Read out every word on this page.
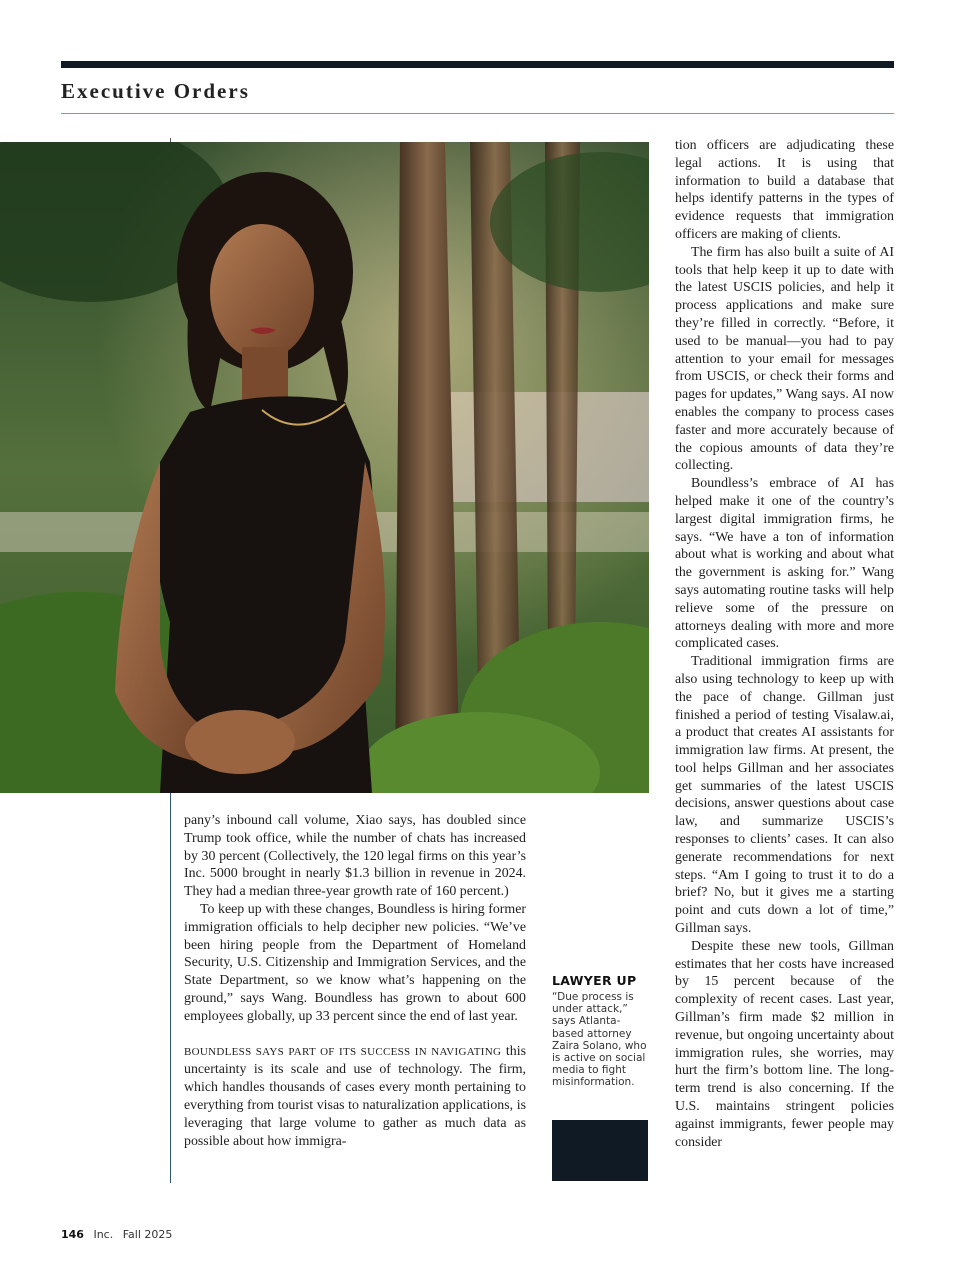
Executive Orders

pany’s inbound call volume, Xiao says, has doubled since Trump took office, while the number of chats has increased by 30 percent (Collectively, the 120 legal firms on this year’s Inc. 5000 brought in nearly $1.3 billion in revenue in 2024. They had a median three-year growth rate of 160 percent.)

To keep up with these changes, Boundless is hiring former immigration officials to help decipher new policies. “We’ve been hiring people from the Department of Homeland Security, U.S. Citizenship and Immigration Services, and the State Department, so we know what’s happening on the ground,” says Wang. Boundless has grown to about 600 employees globally, up 33 percent since the end of last year.

BOUNDLESS SAYS PART OF ITS SUCCESS IN NAVIGATING this uncertainty is its scale and use of technology. The firm, which handles thousands of cases every month pertaining to everything from tourist visas to naturalization applications, is leveraging that large volume to gather as much data as possible about how immigra-

tion officers are adjudicating these legal actions. It is using that information to build a database that helps identify patterns in the types of evidence requests that immigration officers are making of clients.

The firm has also built a suite of AI tools that help keep it up to date with the latest USCIS policies, and help it process applications and make sure they’re filled in correctly. “Before, it used to be manual—you had to pay attention to your email for messages from USCIS, or check their forms and pages for updates,” Wang says. AI now enables the company to process cases faster and more accurately because of the copious amounts of data they’re collecting.

Boundless’s embrace of AI has helped make it one of the country’s largest digital immigration firms, he says. “We have a ton of information about what is working and about what the government is asking for.” Wang says automating routine tasks will help relieve some of the pressure on attorneys dealing with more and more complicated cases.

Traditional immigration firms are also using technology to keep up with the pace of change. Gillman just finished a period of testing Visalaw.ai, a product that creates AI assistants for immigration law firms. At present, the tool helps Gillman and her associates get summaries of the latest USCIS decisions, answer questions about case law, and summarize USCIS’s responses to clients’ cases. It can also generate recommendations for next steps. “Am I going to trust it to do a brief? No, but it gives me a starting point and cuts down a lot of time,” Gillman says.

Despite these new tools, Gillman estimates that her costs have increased by 15 percent because of the complexity of recent cases. Last year, Gillman’s firm made $2 million in revenue, but ongoing uncertainty about immigration rules, she worries, may hurt the firm’s bottom line. The long-term trend is also concerning. If the U.S. maintains stringent policies against immigrants, fewer people may consider

LAWYER UP

“Due process is under attack,” says Atlanta-based attorney Zaira Solano, who is active on social media to fight misinformation.

146 Inc. Fall 2025
